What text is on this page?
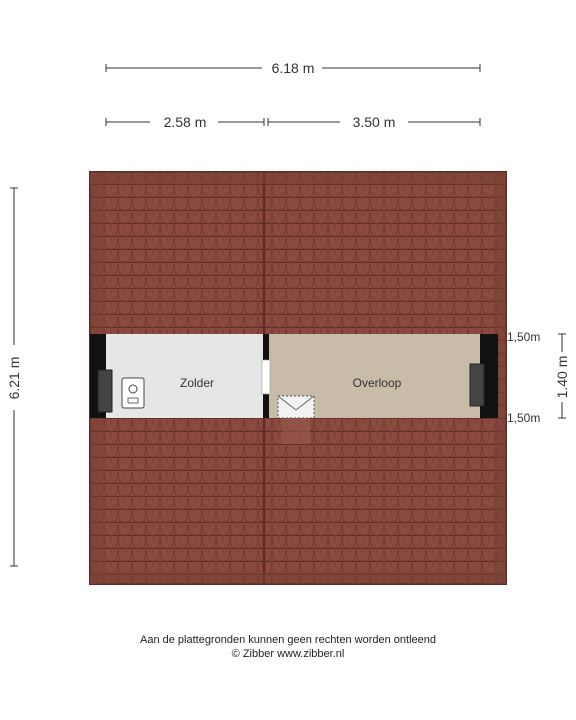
6.18 m
2.58 m	3.50 m
6.21 m	1.40 m
1,50m
1,50m
Zolder	Overloop
Aan de plattegronden kunnen geen rechten worden ontleend
© Zibber www.zibber.nl
